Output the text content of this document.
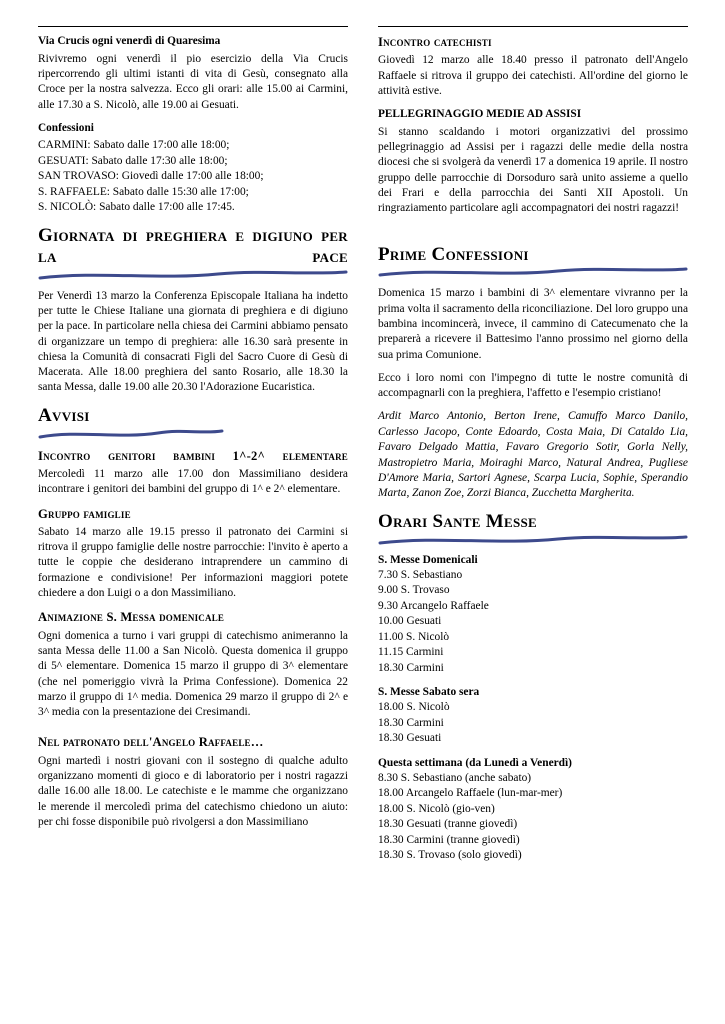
Via Crucis ogni venerdì di Quaresima

Rivivremo ogni venerdì il pio esercizio della Via Crucis ripercorrendo gli ultimi istanti di vita di Gesù, consegnato alla Croce per la nostra salvezza. Ecco gli orari: alle 15.00 ai Carmini, alle 17.30 a S. Nicolò, alle 19.00 ai Gesuati.

Confessioni
CARMINI: Sabato dalle 17:00 alle 18:00;
GESUATI: Sabato dalle 17:30 alle 18:00;
SAN TROVASO: Giovedì dalle 17:00 alle 18:00;
S. RAFFAELE: Sabato dalle 15:30 alle 17:00;
S. NICOLÒ: Sabato dalle 17:00 alle 17:45.
Giornata di preghiera e digiuno per la pace

Per Venerdì 13 marzo la Conferenza Episcopale Italiana ha indetto per tutte le Chiese Italiane una giornata di preghiera e di digiuno per la pace. In particolare nella chiesa dei Carmini abbiamo pensato di organizzare un tempo di preghiera: alle 16.30 sarà presente in chiesa la Comunità di consacrati Figli del Sacro Cuore di Gesù di Macerata. Alle 18.00 preghiera del santo Rosario, alle 18.30 la santa Messa, dalle 19.00 alle 20.30 l'Adorazione Eucaristica.

Avvisi
Incontro genitori bambini 1^-2^ elementare

Mercoledì 11 marzo alle 17.00 don Massimiliano desidera incontrare i genitori dei bambini del gruppo di 1^ e 2^ elementare.

Gruppo famiglie

Sabato 14 marzo alle 19.15 presso il patronato dei Carmini si ritrova il gruppo famiglie delle nostre parrocchie: l'invito è aperto a tutte le coppie che desiderano intraprendere un cammino di formazione e condivisione! Per informazioni maggiori potete chiedere a don Luigi o a don Massimiliano.

Animazione S. Messa domenicale

Ogni domenica a turno i vari gruppi di catechismo animeranno la santa Messa delle 11.00 a San Nicolò. Questa domenica il gruppo di 5^ elementare. Domenica 15 marzo il gruppo di 3^ elementare (che nel pomeriggio vivrà la Prima Confessione). Domenica 22 marzo il gruppo di 1^ media. Domenica 29 marzo il gruppo di 2^ e 3^ media con la presentazione dei Cresimandi.

Nel patronato dell'Angelo Raffaele…

Ogni martedì i nostri giovani con il sostegno di qualche adulto organizzano momenti di gioco e di laboratorio per i nostri ragazzi dalle 16.00 alle 18.00. Le catechiste e le mamme che organizzano le merende il mercoledì prima del catechismo chiedono un aiuto: per chi fosse disponibile può rivolgersi a don Massimiliano

Incontro catechisti

Giovedì 12 marzo alle 18.40 presso il patronato dell'Angelo Raffaele si ritrova il gruppo dei catechisti. All'ordine del giorno le attività estive.

PELLEGRINAGGIO MEDIE AD ASSISI

Si stanno scaldando i motori organizzativi del prossimo pellegrinaggio ad Assisi per i ragazzi delle medie della nostra diocesi che si svolgerà da venerdì 17 a domenica 19 aprile. Il nostro gruppo delle parrocchie di Dorsoduro sarà unito assieme a quello dei Frari e della parrocchia dei Santi XII Apostoli. Un ringraziamento particolare agli accompagnatori dei nostri ragazzi!

Prime Confessioni

Domenica 15 marzo i bambini di 3^ elementare vivranno per la prima volta il sacramento della riconciliazione. Del loro gruppo una bambina incomincerà, invece, il cammino di Catecumenato che la preparerà a ricevere il Battesimo l'anno prossimo nel giorno della sua prima Comunione.

Ecco i loro nomi con l'impegno di tutte le nostre comunità di accompagnarli con la preghiera, l'affetto e l'esempio cristiano!

Ardit Marco Antonio, Berton Irene, Camuffo Marco Danilo, Carlesso Jacopo, Conte Edoardo, Costa Maia, Di Cataldo Lia, Favaro Delgado Mattia, Favaro Gregorio Sotir, Gorla Nelly, Mastropietro Maria, Moiraghi Marco, Natural Andrea, Pugliese D'Amore Maria, Sartori Agnese, Scarpa Lucia, Sophie, Sperandio Marta, Zanon Zoe, Zorzi Bianca, Zucchetta Margherita.
Orari Sante Messe
S. Messe Domenicali
7.30 S. Sebastiano
9.00 S. Trovaso
9.30 Arcangelo Raffaele
10.00 Gesuati
11.00 S. Nicolò
11.15 Carmini
18.30 Carmini
S. Messe Sabato sera
18.00 S. Nicolò
18.30 Carmini
18.30 Gesuati
Questa settimana (da Lunedì a Venerdì)
8.30 S. Sebastiano (anche sabato)
18.00 Arcangelo Raffaele (lun-mar-mer)
18.00 S. Nicolò (gio-ven)
18.30 Gesuati (tranne giovedì)
18.30 Carmini (tranne giovedì)
18.30 S. Trovaso (solo giovedì)
